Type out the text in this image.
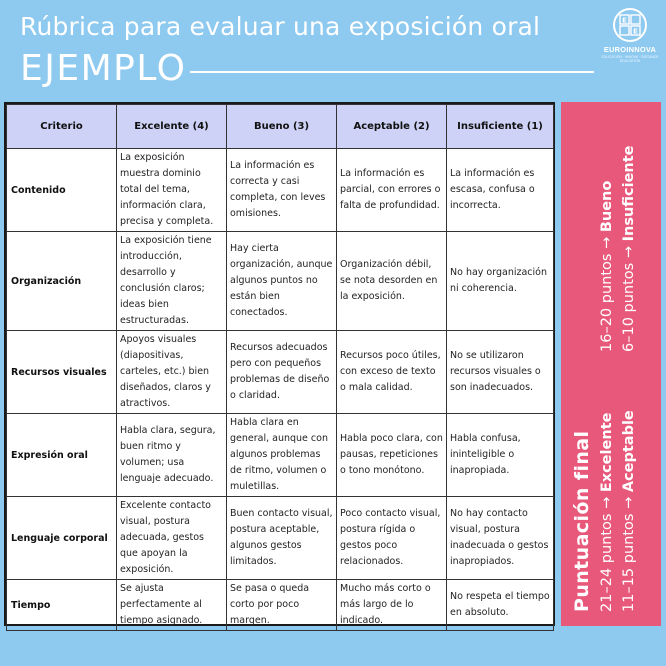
Rúbrica para evaluar una exposición oral
EJEMPLO
E
E
EUROINNOVA
EDUCATION · INNOVA · DISTANCE EDUCATION
Criterio	Excelente (4)	Bueno (3)	Aceptable (2)	Insuficiente (1)
Contenido	La exposición muestra dominio total del tema, información clara, precisa y completa.	La información es correcta y casi completa, con leves omisiones.	La información es parcial, con errores o falta de profundidad.	La información es escasa, confusa o incorrecta.
Organización	La exposición tiene introducción, desarrollo y conclusión claros; ideas bien estructuradas.	Hay cierta organización, aunque algunos puntos no están bien conectados.	Organización débil, se nota desorden en la exposición.	No hay organización ni coherencia.
Recursos visuales	Apoyos visuales (diapositivas, carteles, etc.) bien diseñados, claros y atractivos.	Recursos adecuados pero con pequeños problemas de diseño o claridad.	Recursos poco útiles, con exceso de texto o mala calidad.	No se utilizaron recursos visuales o son inadecuados.
Expresión oral	Habla clara, segura, buen ritmo y volumen; usa lenguaje adecuado.	Habla clara en general, aunque con algunos problemas de ritmo, volumen o muletillas.	Habla poco clara, con pausas, repeticiones o tono monótono.	Habla confusa, ininteligible o inapropiada.
Lenguaje corporal	Excelente contacto visual, postura adecuada, gestos que apoyan la exposición.	Buen contacto visual, postura aceptable, algunos gestos limitados.	Poco contacto visual, postura rígida o gestos poco relacionados.	No hay contacto visual, postura inadecuada o gestos inapropiados.
Tiempo	Se ajusta perfectamente al tiempo asignado.	Se pasa o queda corto por poco margen.	Mucho más corto o más largo de lo indicado.	No respeta el tiempo en absoluto.
Puntuación final 21–24 puntos → Excelente
11–15 puntos → Aceptable
16–20 puntos → Bueno
6–10 puntos → Insuficiente
